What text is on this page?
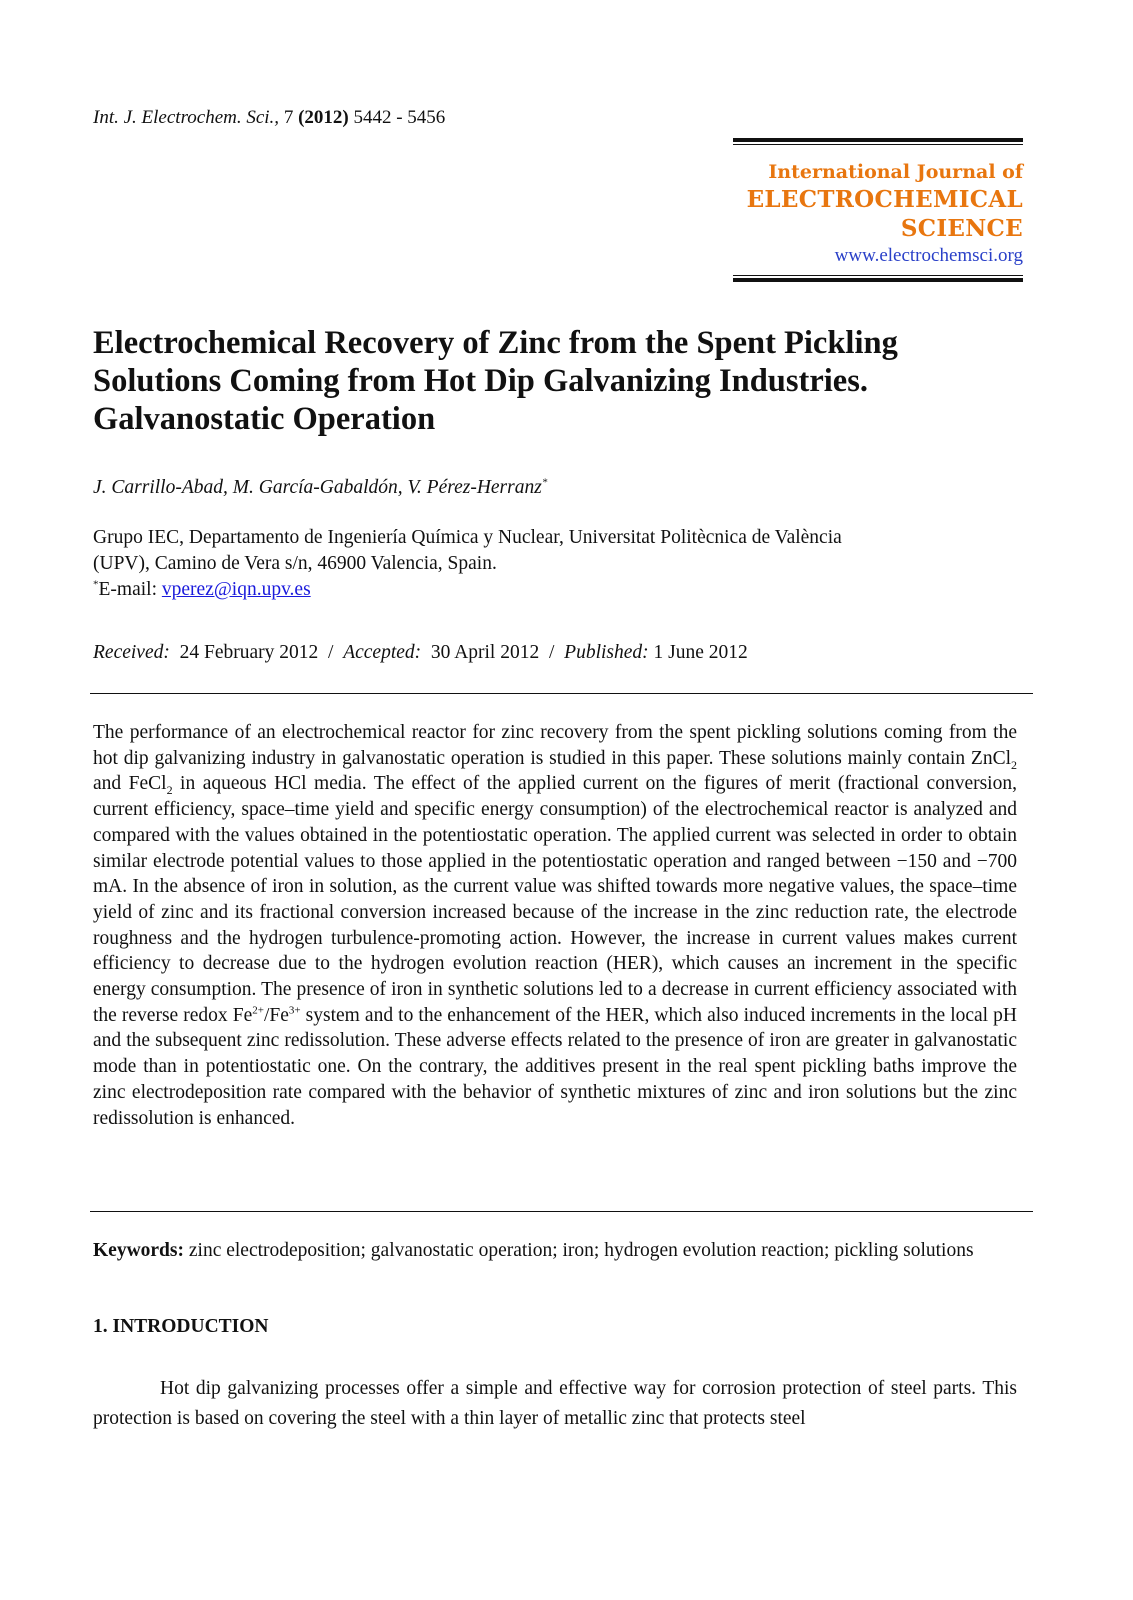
Int. J. Electrochem. Sci., 7 (2012) 5442 - 5456
International Journal of
ELECTROCHEMICAL
SCIENCE
www.electrochemsci.org
Electrochemical Recovery of Zinc from the Spent Pickling
Solutions Coming from Hot Dip Galvanizing Industries.
Galvanostatic Operation
J. Carrillo-Abad, M. García-Gabaldón, V. Pérez-Herranz*
Grupo IEC, Departamento de Ingeniería Química y Nuclear, Universitat Politècnica de València
(UPV), Camino de Vera s/n, 46900 Valencia, Spain.
*E-mail: vperez@iqn.upv.es
Received: 24 February 2012  /  Accepted: 30 April 2012  /  Published: 1 June 2012
The performance of an electrochemical reactor for zinc recovery from the spent pickling solutions coming from the hot dip galvanizing industry in galvanostatic operation is studied in this paper. These solutions mainly contain ZnCl$_2$ and FeCl$_2$ in aqueous HCl media. The effect of the applied current on the figures of merit (fractional conversion, current efficiency, space–time yield and specific energy consumption) of the electrochemical reactor is analyzed and compared with the values obtained in the potentiostatic operation. The applied current was selected in order to obtain similar electrode potential values to those applied in the potentiostatic operation and ranged between −150 and −700 mA. In the absence of iron in solution, as the current value was shifted towards more negative values, the space–time yield of zinc and its fractional conversion increased because of the increase in the zinc reduction rate, the electrode roughness and the hydrogen turbulence-promoting action. However, the increase in current values makes current efficiency to decrease due to the hydrogen evolution reaction (HER), which causes an increment in the specific energy consumption. The presence of iron in synthetic solutions led to a decrease in current efficiency associated with the reverse redox $Fe^{2+}/Fe^{3+}$ system and to the enhancement of the HER, which also induced increments in the local pH and the subsequent zinc redissolution. These adverse effects related to the presence of iron are greater in galvanostatic mode than in potentiostatic one. On the contrary, the additives present in the real spent pickling baths improve the zinc electrodeposition rate compared with the behavior of synthetic mixtures of zinc and iron solutions but the zinc redissolution is enhanced.
Keywords: zinc electrodeposition; galvanostatic operation; iron; hydrogen evolution reaction; pickling solutions
1. INTRODUCTION
Hot dip galvanizing processes offer a simple and effective way for corrosion protection of steel parts. This protection is based on covering the steel with a thin layer of metallic zinc that protects steel
